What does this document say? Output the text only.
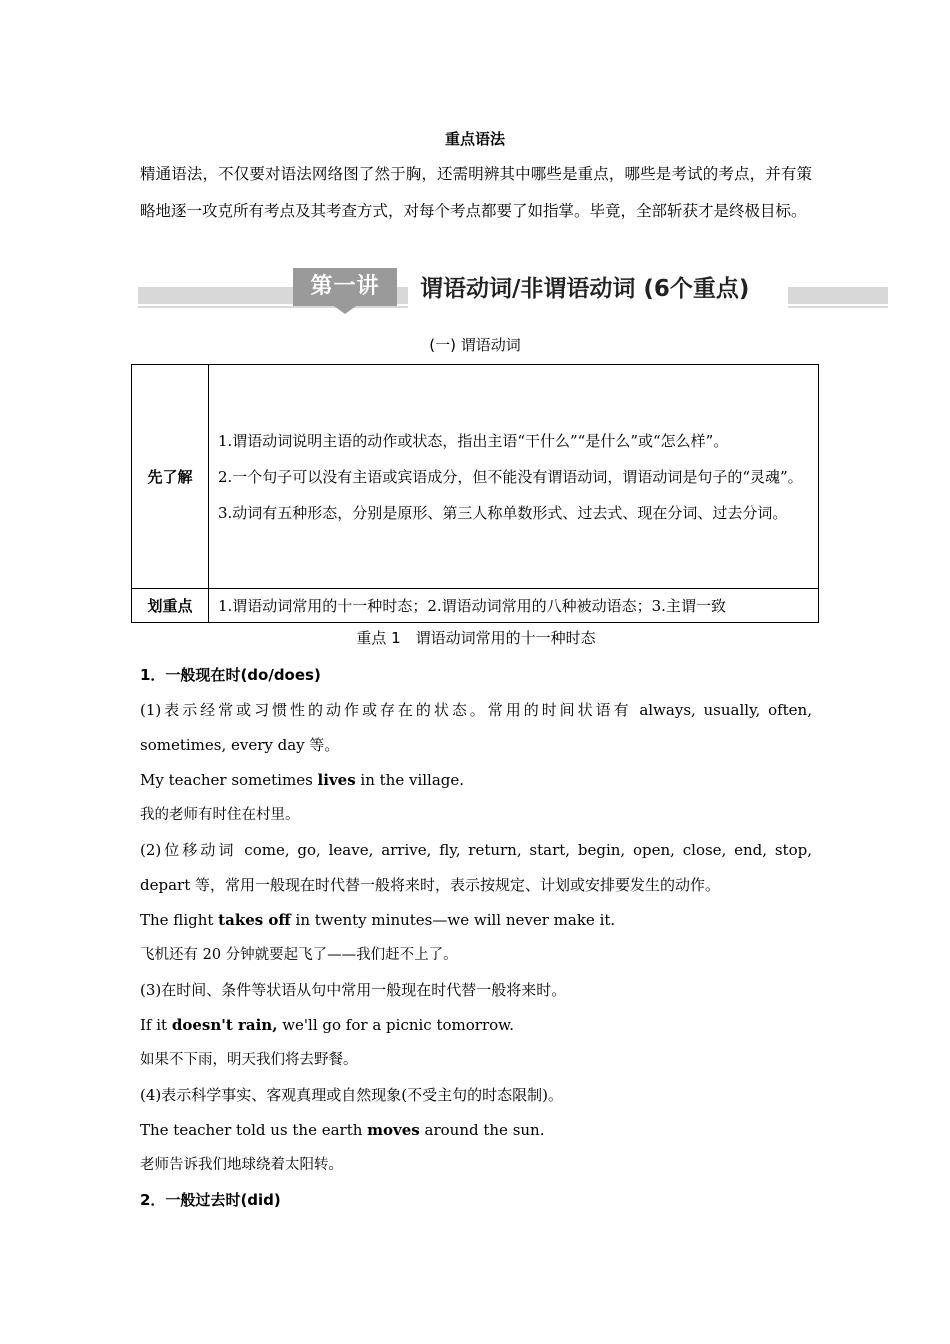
重点语法
精通语法，不仅要对语法网络图了然于胸，还需明辨其中哪些是重点，哪些是考试的考点，并有策略地逐一攻克所有考点及其考查方式，对每个考点都要了如指掌。毕竟，全部斩获才是终极目标。
第一讲	谓语动词/非谓语动词 (6个重点)
(一) 谓语动词
先了解	1.谓语动词说明主语的动作或状态，指出主语“干什么”“是什么”或“怎么样”。

2.一个句子可以没有主语或宾语成分，但不能没有谓语动词，谓语动词是句子的“灵魂”。

3.动词有五种形态，分别是原形、第三人称单数形式、过去式、现在分词、过去分词。

划重点	1.谓语动词常用的十一种时态；2.谓语动词常用的八种被动语态；3.主谓一致
重点 1　谓语动词常用的十一种时态

1．一般现在时(do/does)

(1)表示经常或习惯性的动作或存在的状态。常用的时间状语有 always, usually, often, sometimes, every day 等。

My teacher sometimes lives in the village.

我的老师有时住在村里。

(2)位移动词 come, go, leave, arrive, fly, return, start, begin, open, close, end, stop, depart 等，常用一般现在时代替一般将来时，表示按规定、计划或安排要发生的动作。

The flight takes off in twenty minutes—we will never make it.

飞机还有 20 分钟就要起飞了——我们赶不上了。

(3)在时间、条件等状语从句中常用一般现在时代替一般将来时。

If it doesn't rain, we'll go for a picnic tomorrow.

如果不下雨，明天我们将去野餐。

(4)表示科学事实、客观真理或自然现象(不受主句的时态限制)。

The teacher told us the earth moves around the sun.

老师告诉我们地球绕着太阳转。

2．一般过去时(did)
